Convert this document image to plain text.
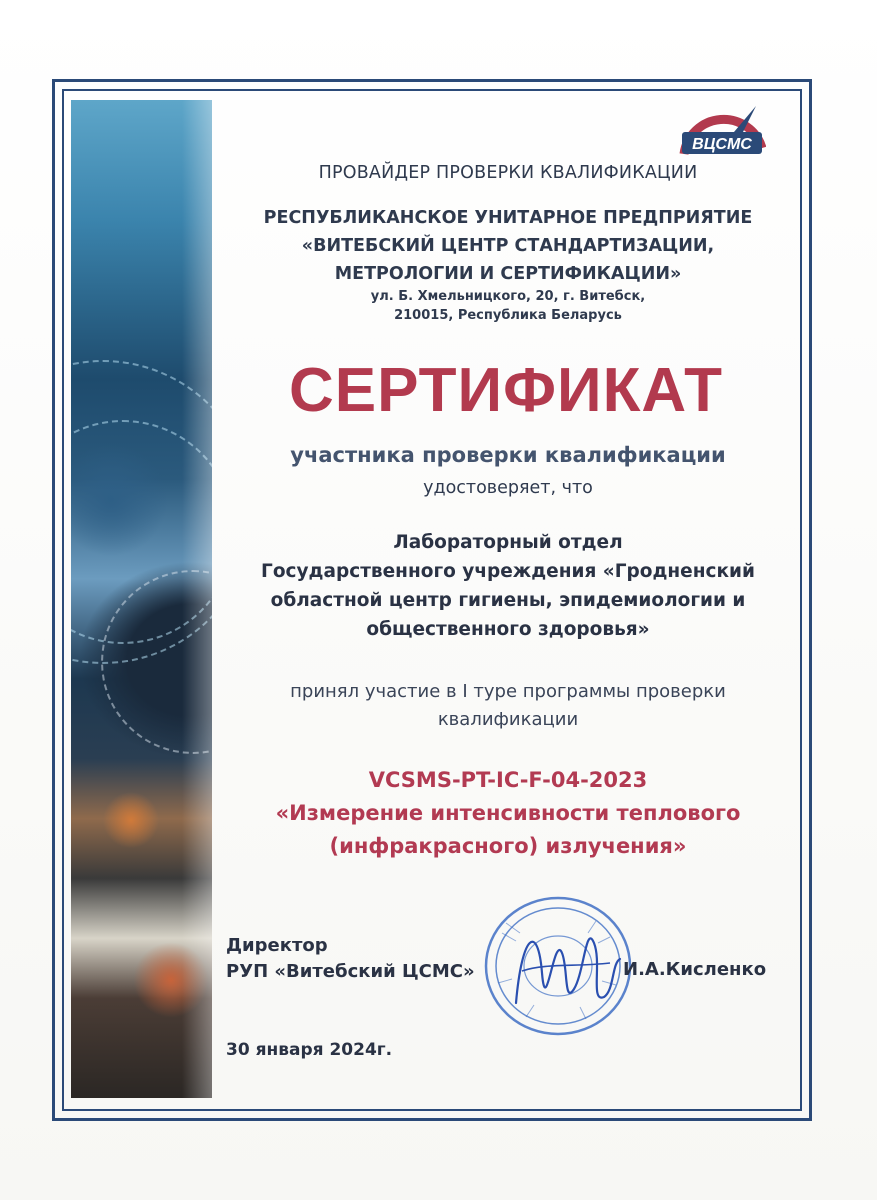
ВЦСМС
ПРОВАЙДЕР ПРОВЕРКИ КВАЛИФИКАЦИИ
РЕСПУБЛИКАНСКОЕ УНИТАРНОЕ ПРЕДПРИЯТИЕ
«ВИТЕБСКИЙ ЦЕНТР СТАНДАРТИЗАЦИИ,
МЕТРОЛОГИИ И СЕРТИФИКАЦИИ»
ул. Б. Хмельницкого, 20, г. Витебск,
210015, Республика Беларусь
СЕРТИФИКАТ
участника проверки квалификации
удостоверяет, что
Лабораторный отдел
Государственного учреждения «Гродненский
областной центр гигиены, эпидемиологии и
общественного здоровья»
принял участие в I туре программы проверки
квалификации
VCSMS-PT-IC-F-04-2023
«Измерение интенсивности теплового
(инфракрасного) излучения»
Директор
РУП «Витебский ЦСМС»	И.А.Кисленко
30 января 2024г.
